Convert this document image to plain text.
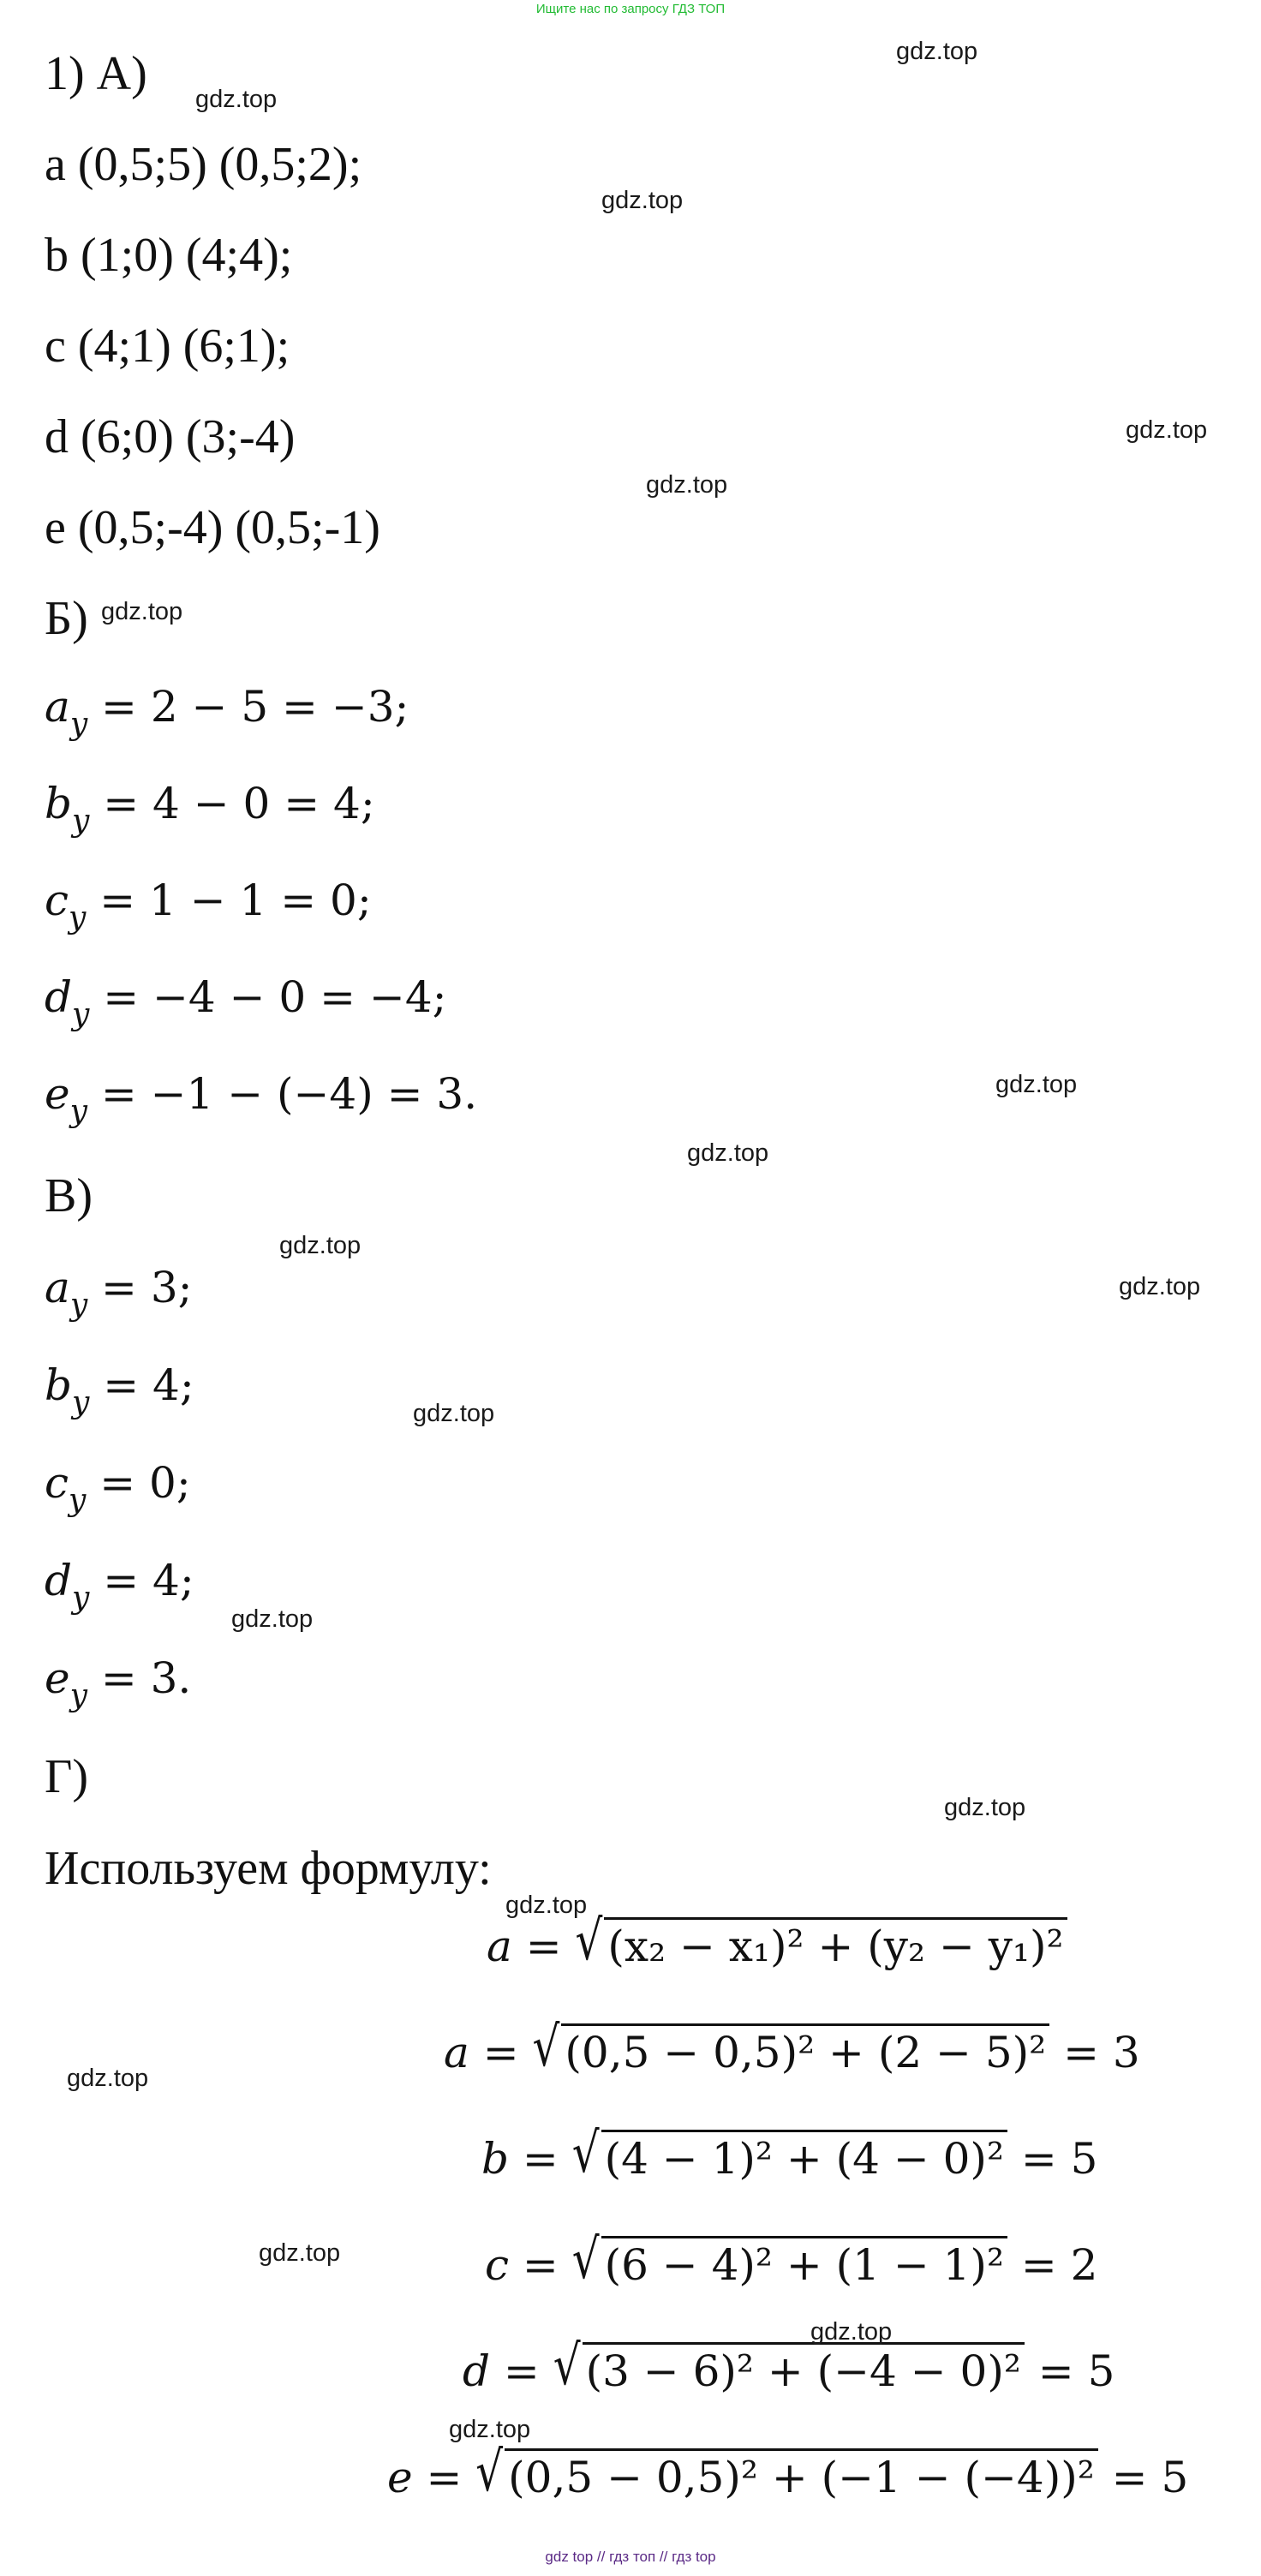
Ищите нас по запросу ГДЗ ТОП
1) А)
a (0,5;5) (0,5;2);
b (1;0) (4;4);
c (4;1) (6;1);
d (6;0) (3;-4)
e (0,5;-4) (0,5;-1)
Б)
$a_y = 2 - 5 = -3$;
$b_y = 4 - 0 = 4$;
$c_y = 1 - 1 = 0$;
$d_y = -4 - 0 = -4$;
$e_y = -1 - (-4) = 3$.
В)
$a_y = 3$;
$b_y = 4$;
$c_y = 0$;
$d_y = 4$;
$e_y = 3$.
Г)
Используем формулу:
a = √ (x₂ − x₁)² + (y₂ − y₁)²
a = √ (0,5 − 0,5)² + (2 − 5)² = 3
b = √ (4 − 1)² + (4 − 0)² = 5
c = √ (6 − 4)² + (1 − 1)² = 2
d = √ (3 − 6)² + (−4 − 0)² = 5
e = √ (0,5 − 0,5)² + (−1 − (−4))² = 5
gdz.top
gdz.top
gdz.top
gdz.top
gdz.top
gdz.top
gdz.top
gdz.top
gdz.top
gdz.top
gdz.top
gdz.top
gdz.top
gdz.top
gdz.top
gdz.top
gdz.top
gdz.top
gdz top // гдз топ // гдз top
